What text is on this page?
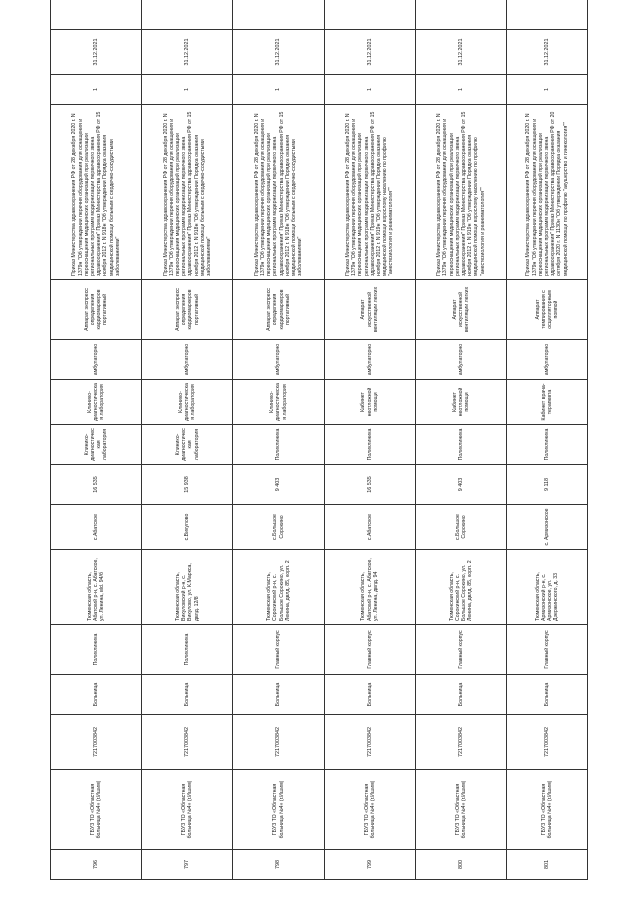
796	ГБУЗ ТО «Областная больница №4» (г.Ишим)	7217003842	Больница	Поликлиника	Тюменская область, Абатский р-н, с. Абатское, ул. Ленина, вld. 94/б	с.Абатское	16 535	Клинико-диагностическая лаборатория	Клинико-диагностическая лаборатория	амбулаторно	Аппарат экспресс определения кардиомаркеров портативный	Приказ Министерства здравоохранения РФ от 28 декабря 2020 г. N 1379н "Об утверждении перечня оборудования для оснащения и переоснащения медицинских организаций при реализации региональных программ модернизации первичного звена здравоохранения" Приказ Министерства здравоохранения РФ от 15 ноября 2012 г. N 918н "Об утверждении Порядка оказания медицинской помощи больным с сердечно-сосудистыми заболеваниями"	1	31.12.2021	
797	ГБУЗ ТО «Областная больница №4» (г.Ишим)	7217003842	Больница	Поликлиника	Тюменская область, Викуловский р-н, с. Викулово, ул. К.Маркса, двлд. 12/8	с.Викулово	15 938	Клинико-диагностическая лаборатория	Клинико-диагностическая лаборатория	амбулаторно	Аппарат экспресс определения кардиомаркеров портативный	Приказ Министерства здравоохранения РФ от 28 декабря 2020 г. N 1379н "Об утверждении перечня оборудования для оснащения и переоснащения медицинских организаций при реализации региональных программ модернизации первичного звена здравоохранения" Приказ Министерства здравоохранения РФ от 15 ноября 2012 г. N 918н "Об утверждении Порядка оказания медицинской помощи больным с сердечно-сосудистыми заболеваниями"	1	31.12.2021	
798	ГБУЗ ТО «Областная больница №4» (г.Ишим)	7217003842	Больница	Главный корпус	Тюменская область, Сорокинский р-н, с. Большое Сорокино, ул. Ленина, двлд. 85, корп. 2	с.Большое Сорокино	9 403	Поликлиника	Клинико-диагностическая лаборатория	амбулаторно	Аппарат экспресс определения кардиомаркеров портативный	Приказ Министерства здравоохранения РФ от 28 декабря 2020 г. N 1379н "Об утверждении перечня оборудования для оснащения и переоснащения медицинских организаций при реализации региональных программ модернизации первичного звена здравоохранения" Приказ Министерства здравоохранения РФ от 15 ноября 2012 г. N 918н "Об утверждении Порядка оказания медицинской помощи больным с сердечно-сосудистыми заболеваниями"	1	31.12.2021	
799	ГБУЗ ТО «Областная больница №4» (г.Ишим)	7217003842	Больница	Главный корпус	Тюменская область, Абатский р-н, с. Абатское, ул. Ленина, двлд. 94	с.Абатское	16 535	Поликлиника	Кабинет неотложной помощи	амбулаторно	Аппарат искусственной вентиляции легких	Приказ Министерства здравоохранения РФ от 28 декабря 2020 г. N 1379н "Об утверждении перечня оборудования для оснащения и переоснащения медицинских организаций при реализации региональных программ модернизации первичного звена здравоохранения" Приказ Министерства здравоохранения РФ от 15 ноября 2012 г. N 919н "Об утверждении Порядка оказания медицинской помощи взрослому населению по профилю "анестезиология и реаниматология""	1	31.12.2021	
800	ГБУЗ ТО «Областная больница №4» (г.Ишим)	7217003842	Больница	Главный корпус	Тюменская область, Сорокинский р-н, с. Большое Сорокино, ул. Ленина, двлд. 85, корп. 2	с.Большое Сорокино	9 403	Поликлиника	Кабинет неотложной помощи	амбулаторно	Аппарат искусственной вентиляции легких	Приказ Министерства здравоохранения РФ от 28 декабря 2020 г. N 1379н "Об утверждении перечня оборудования для оснащения и переоснащения медицинских организаций при реализации региональных программ модернизации первичного звена здравоохранения" Приказ Министерства здравоохранения РФ от 15 ноября 2012 г. N 919н "Об утверждении Порядка оказания медицинской помощи взрослому населению по профилю "анестезиология и реаниматология""	1	31.12.2021	
801	ГБУЗ ТО «Областная больница №4» (г.Ишим)	7217003842	Больница	Главный корпус	Тюменская область, Армизонский р-н, с. Армизонское, ул. Дзержинского, д. 33	с. Армизонское	9 118	Поликлиника	Кабинет врача-терапевта	амбулаторно	Аппарат темпирования с осцилляторным помпой	Приказ Министерства здравоохранения РФ от 28 декабря 2020 г. N 1379н "Об утверждении перечня оборудования для оснащения и переоснащения медицинских организаций при реализации региональных программ модернизации первичного звена здравоохранения" Приказ Министерства здравоохранения РФ от 20 октября 2020 г. N 1130н "Об утверждении Порядка оказания медицинской помощи по профилю "акушерство и гинекология""	1	31.12.2021	
